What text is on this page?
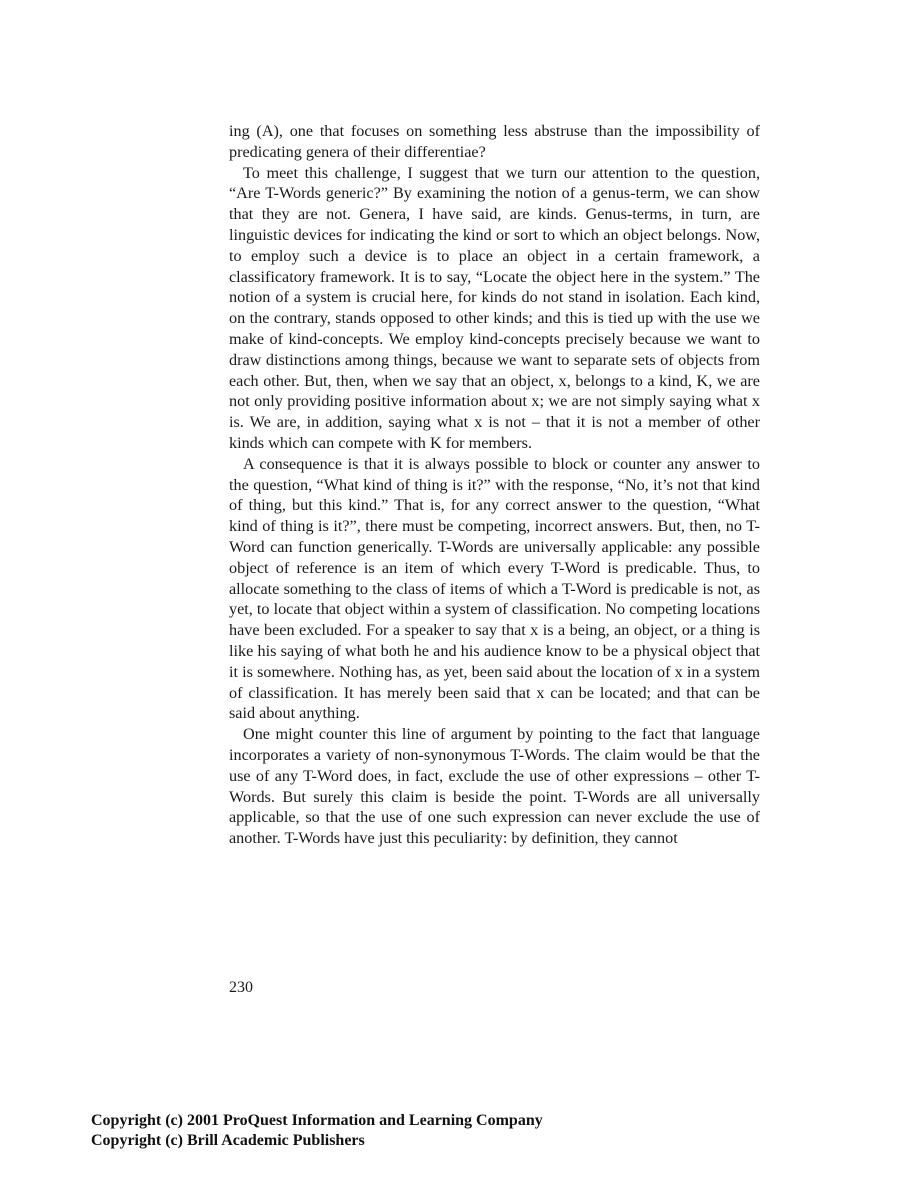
ing (A), one that focuses on something less abstruse than the impossibility of predicating genera of their differentiae?

To meet this challenge, I suggest that we turn our attention to the question, “Are T-Words generic?” By examining the notion of a genus-term, we can show that they are not. Genera, I have said, are kinds. Genus-terms, in turn, are linguistic devices for indicating the kind or sort to which an object belongs. Now, to employ such a device is to place an object in a certain framework, a classificatory framework. It is to say, “Locate the object here in the system.” The notion of a system is crucial here, for kinds do not stand in isolation. Each kind, on the contrary, stands opposed to other kinds; and this is tied up with the use we make of kind-concepts. We employ kind-concepts precisely because we want to draw distinctions among things, because we want to separate sets of objects from each other. But, then, when we say that an object, x, belongs to a kind, K, we are not only providing positive information about x; we are not simply saying what x is. We are, in addition, saying what x is not – that it is not a member of other kinds which can compete with K for members.

A consequence is that it is always possible to block or counter any answer to the question, “What kind of thing is it?” with the response, “No, it’s not that kind of thing, but this kind.” That is, for any correct answer to the question, “What kind of thing is it?”, there must be competing, incorrect answers. But, then, no T-Word can function generically. T-Words are universally applicable: any possible object of reference is an item of which every T-Word is predicable. Thus, to allocate something to the class of items of which a T-Word is predicable is not, as yet, to locate that object within a system of classification. No competing locations have been excluded. For a speaker to say that x is a being, an object, or a thing is like his saying of what both he and his audience know to be a physical object that it is somewhere. Nothing has, as yet, been said about the location of x in a system of classification. It has merely been said that x can be located; and that can be said about anything.

One might counter this line of argument by pointing to the fact that language incorporates a variety of non-synonymous T-Words. The claim would be that the use of any T-Word does, in fact, exclude the use of other expressions – other T-Words. But surely this claim is beside the point. T-Words are all universally applicable, so that the use of one such expression can never exclude the use of another. T-Words have just this peculiarity: by definition, they cannot

230
Copyright (c) 2001 ProQuest Information and Learning Company
Copyright (c) Brill Academic Publishers
